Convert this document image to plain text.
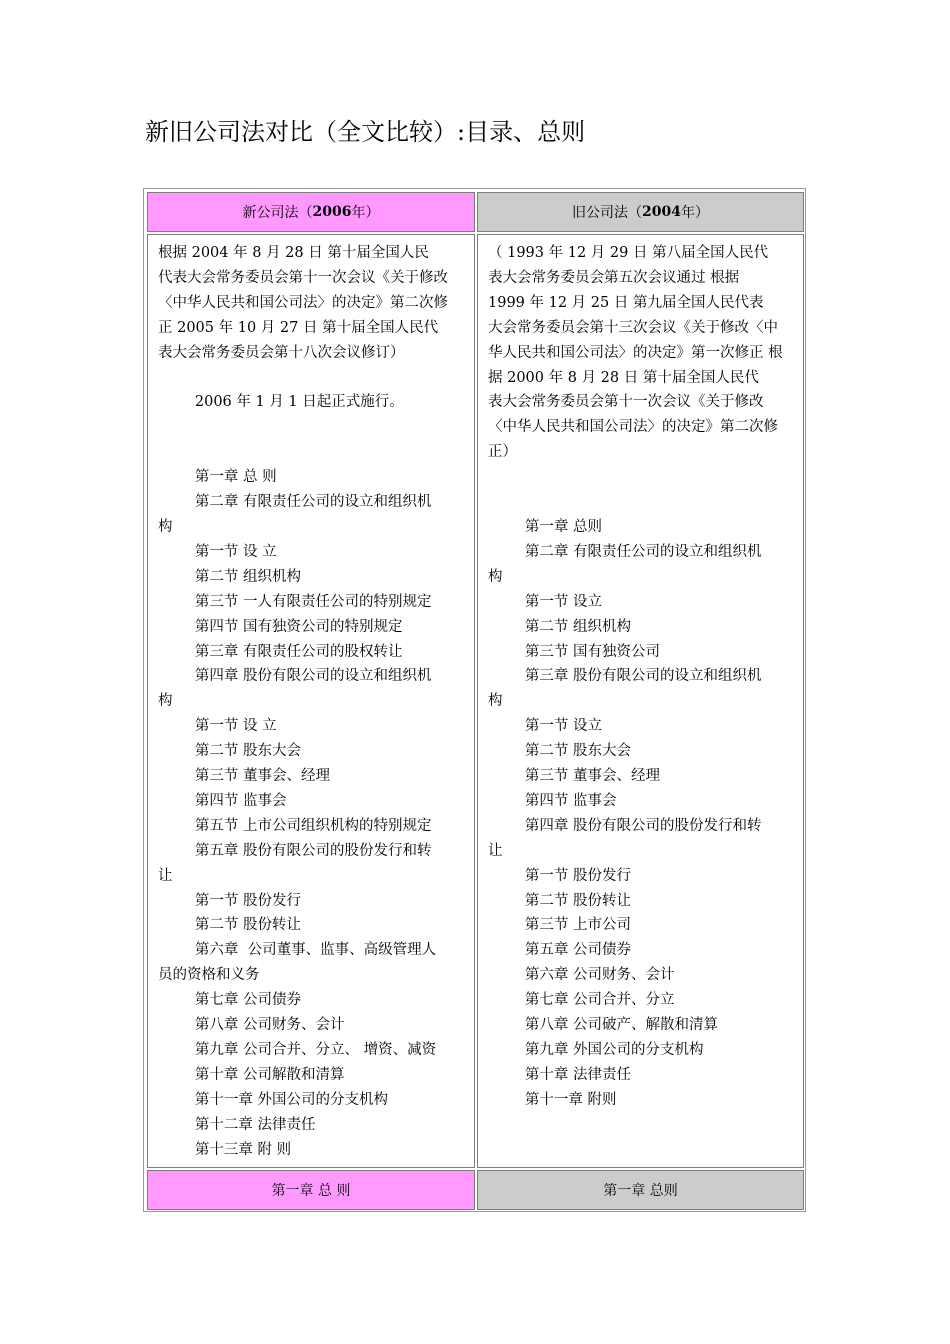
新旧公司法对比（全文比较）:目录、总则
新公司法（ 2006 年）	旧公司法（ 2004 年）
根据 2004 年 8 月 28 日 第十届全国人民
代表大会常务委员会第十一次会议《关于修改
〈中华人民共和国公司法〉的决定》第二次修
正 2005 年 10 月 27 日 第十届全国人民代
表大会常务委员会第十八次会议修订）

2006 年 1 月 1 日起正式施行。

第一章 总 则
第二章 有限责任公司的设立和组织机
构
第一节 设 立
第二节 组织机构
第三节 一人有限责任公司的特别规定
第四节 国有独资公司的特别规定
第三章 有限责任公司的股权转让
第四章 股份有限公司的设立和组织机
构
第一节 设 立
第二节 股东大会
第三节 董事会、经理
第四节 监事会
第五节 上市公司组织机构的特别规定
第五章 股份有限公司的股份发行和转
让
第一节 股份发行
第二节 股份转让
第六章  公司董事、监事、高级管理人
员的资格和义务
第七章 公司债券
第八章 公司财务、会计
第九章 公司合并、分立、 增资、减资
第十章 公司解散和清算
第十一章 外国公司的分支机构
第十二章 法律责任
第十三章 附 则
（ 1993 年 12 月 29 日 第八届全国人民代
表大会常务委员会第五次会议通过 根据
1999 年 12 月 25 日 第九届全国人民代表
大会常务委员会第十三次会议《关于修改〈中
华人民共和国公司法〉的决定》第一次修正 根
据 2000 年 8 月 28 日 第十届全国人民代
表大会常务委员会第十一次会议《关于修改
〈中华人民共和国公司法〉的决定》第二次修
正）

第一章 总则
第二章 有限责任公司的设立和组织机
构
第一节 设立
第二节 组织机构
第三节 国有独资公司
第三章 股份有限公司的设立和组织机
构
第一节 设立
第二节 股东大会
第三节 董事会、经理
第四节 监事会
第四章 股份有限公司的股份发行和转
让
第一节 股份发行
第二节 股份转让
第三节 上市公司
第五章 公司债券
第六章 公司财务、会计
第七章 公司合并、分立
第八章 公司破产、解散和清算
第九章 外国公司的分支机构
第十章 法律责任
第十一章 附则
第一章 总 则	第一章 总则
